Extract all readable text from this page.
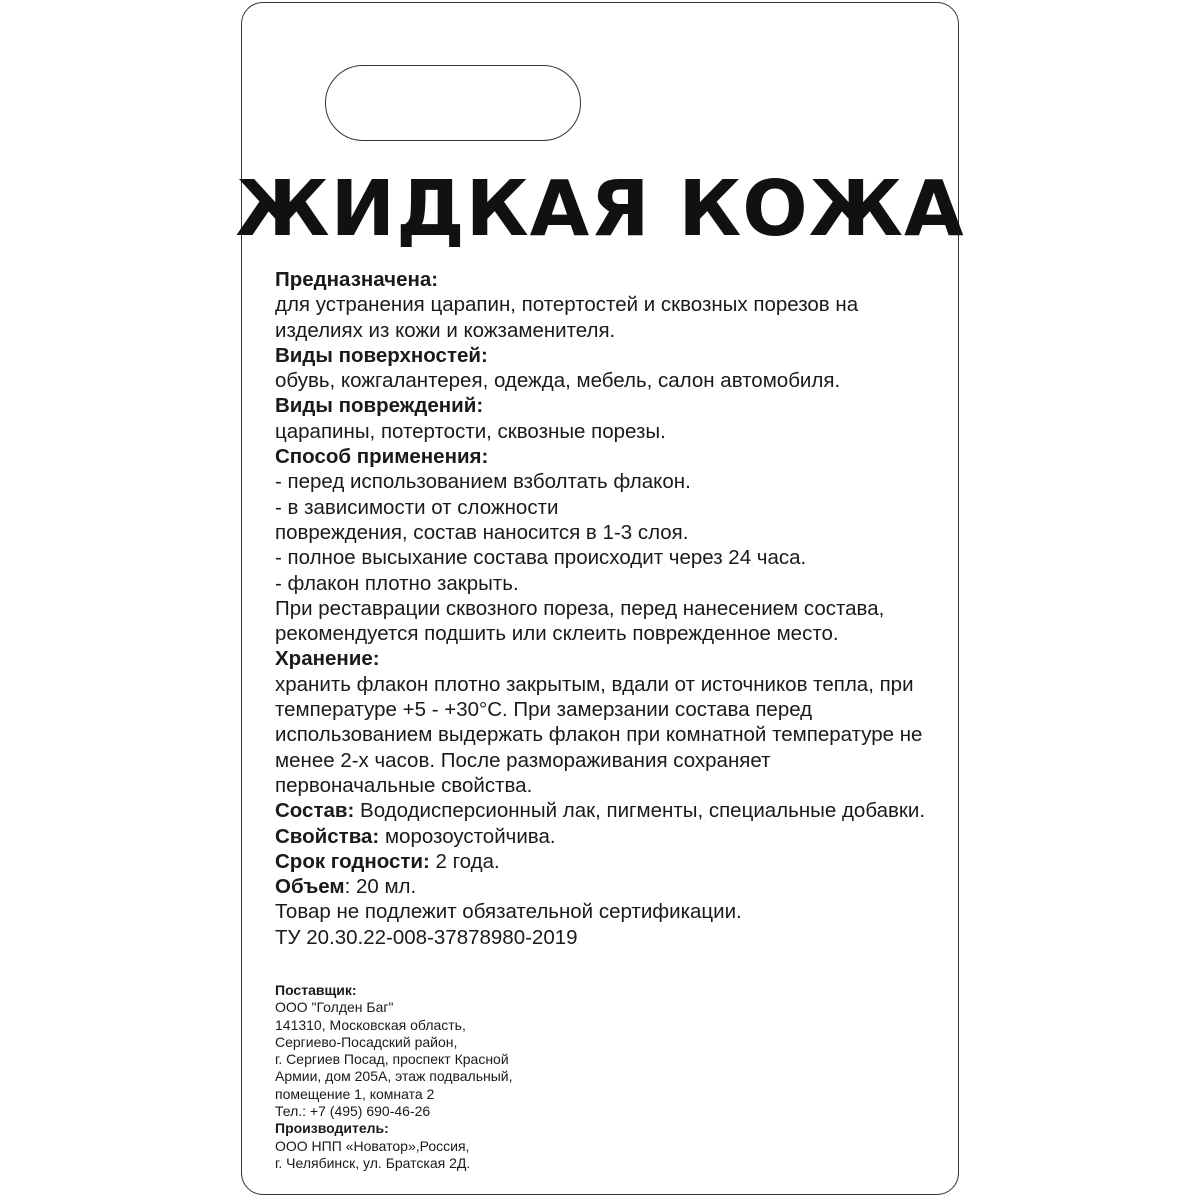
ЖИДКАЯ КОЖА
Предназначена:
для устранения царапин, потертостей и сквозных порезов на
изделиях из кожи и кожзаменителя.
Виды поверхностей:
обувь, кожгалантерея, одежда, мебель, салон автомобиля.
Виды повреждений:
царапины, потертости, сквозные порезы.
Способ применения:
- перед использованием взболтать флакон.
- в зависимости от сложности
повреждения, состав наносится в 1-3 слоя.
- полное высыхание состава происходит через 24 часа.
- флакон плотно закрыть.
При реставрации сквозного пореза, перед нанесением состава,
рекомендуется подшить или склеить поврежденное место.
Хранение:
хранить флакон плотно закрытым, вдали от источников тепла, при
температуре +5 - +30°С. При замерзании состава перед
использованием выдержать флакон при комнатной температуре не
менее 2-х часов. После размораживания сохраняет
первоначальные свойства.
Состав: Вододисперсионный лак, пигменты, специальные добавки.
Свойства: морозоустойчива.
Срок годности: 2 года.
Объем: 20 мл.
Товар не подлежит обязательной сертификации.
ТУ 20.30.22-008-37878980-2019
Поставщик:
ООО "Голден Баг"
141310, Московская область,
Сергиево-Посадский район,
г. Сергиев Посад, проспект Красной
Армии, дом 205А, этаж подвальный,
помещение 1, комната 2
Тел.: +7 (495) 690-46-26
Производитель:
ООО НПП «Новатор»,Россия,
г. Челябинск, ул. Братская 2Д.
